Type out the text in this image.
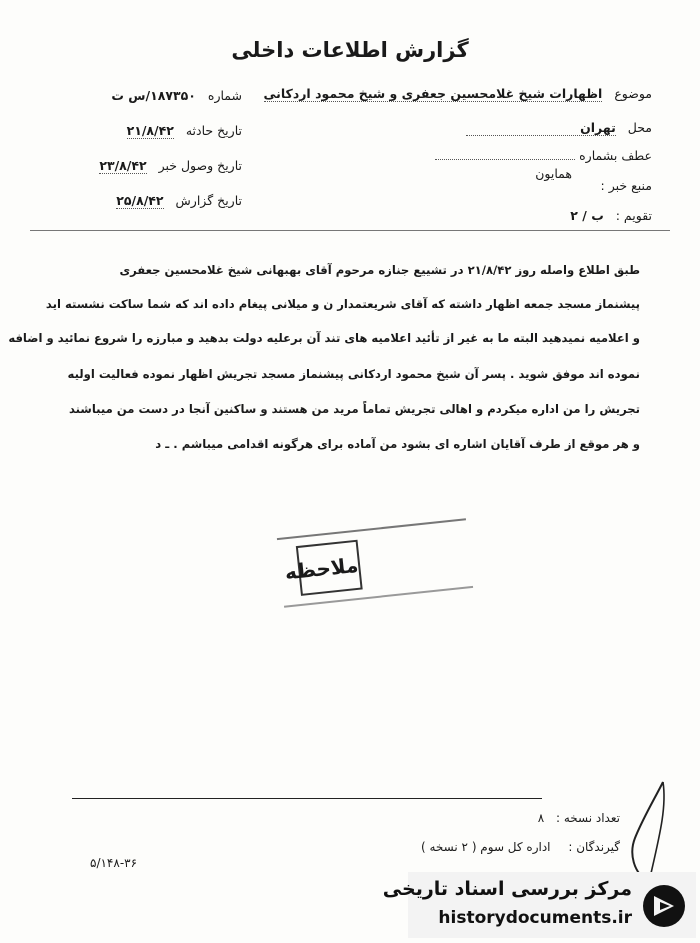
گزارش اطلاعات داخلی
شماره ۱۸۷۳۵۰/س ت
تاریخ حادثه ۲۱/۸/۴۲
تاریخ وصول خبر ۲۳/۸/۴۲
تاریخ گزارش ۲۵/۸/۴۲
موضوع اظهارات شیخ غلامحسین جعفری و شیخ محمود اردکانی
محل تهران
عطف بشماره
منبع خبر :
همایون
تقویم : ب / ۲
طبق اطلاع واصله روز ۲۱/۸/۴۲ در تشییع جنازه مرحوم آقای بهبهانی شیخ غلامحسین جعفری
پیشنماز مسجد جمعه اظهار داشته که آقای شریعتمدار ن و میلانی پیغام داده اند که شما ساکت نشسته اید
و اعلامیه نمیدهید البته ما به غیر از تأئید اعلامیه های تند آن برعلیه دولت بدهید و مبارزه را شروع نمائید و اضافه
نموده اند موفق شوید . پسر آن شیخ محمود اردکانی پیشنماز مسجد تجریش اظهار نموده فعالیت اولیه
تجریش را من اداره میکردم و اهالی تجریش تماماً مرید من هستند و ساکنین آنجا در دست من میباشند
و هر موقع از طرف آقایان اشاره ای بشود من آماده برای هرگونه اقدامی میباشم . ـ د
ملاحظه
تعداد نسخه : ۸
گیرندگان : اداره کل سوم ( ۲ نسخه )
۵/۱۴۸-۳۶
مرکز بررسی اسناد تاریخی
historydocuments.ir
